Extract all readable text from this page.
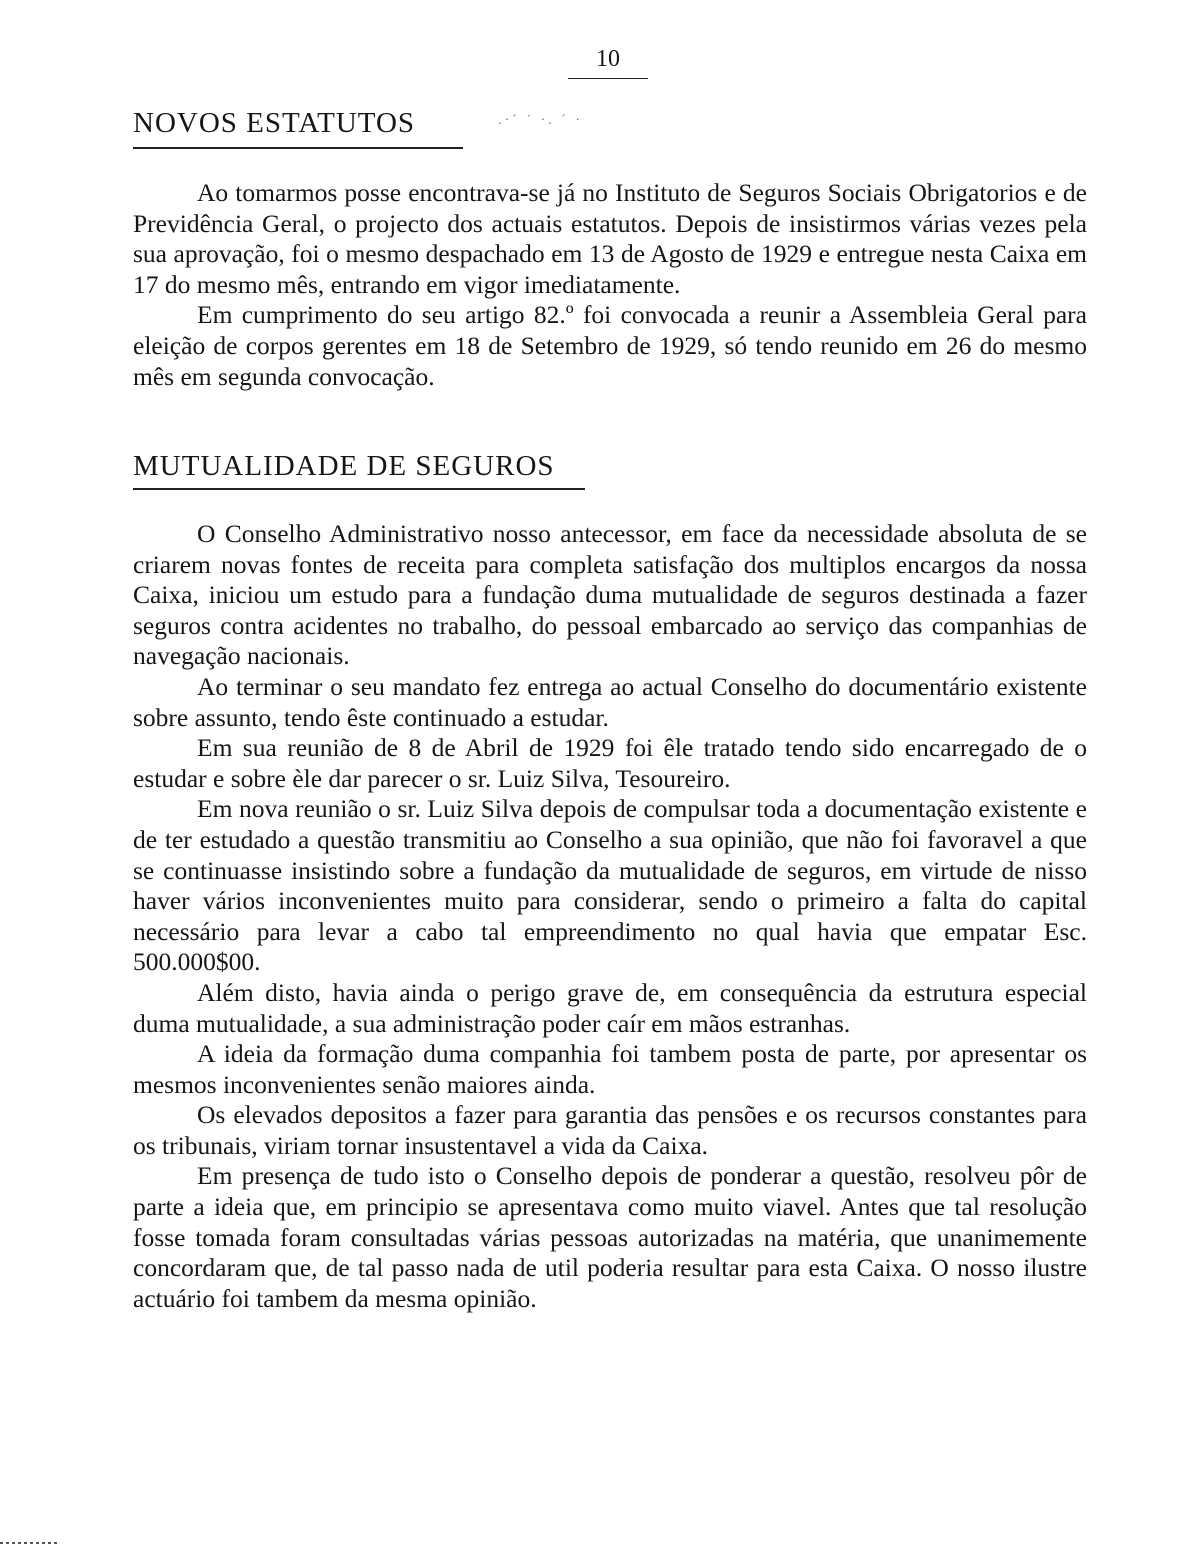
10
NOVOS ESTATUTOS	.·´ ˙ ·. ´ ·

Ao tomarmos posse encontrava-se já no Instituto de Seguros Sociais Obrigatorios e de Previdência Geral, o projecto dos actuais estatutos. Depois de insistirmos várias vezes pela sua aprovação, foi o mesmo despachado em 13 de Agosto de 1929 e entregue nesta Caixa em 17 do mesmo mês, entrando em vigor imediatamente.

Em cumprimento do seu artigo 82.º foi convocada a reunir a Assembleia Geral para eleição de corpos gerentes em 18 de Setembro de 1929, só tendo reunido em 26 do mesmo mês em segunda convocação.

MUTUALIDADE DE SEGUROS

O Conselho Administrativo nosso antecessor, em face da necessidade absoluta de se criarem novas fontes de receita para completa satisfação dos multiplos encargos da nossa Caixa, iniciou um estudo para a fundação duma mutualidade de seguros destinada a fazer seguros contra acidentes no trabalho, do pessoal embarcado ao serviço das companhias de navegação nacionais.

Ao terminar o seu mandato fez entrega ao actual Conselho do documentário existente sobre assunto, tendo êste continuado a estudar.

Em sua reunião de 8 de Abril de 1929 foi êle tratado tendo sido encarregado de o estudar e sobre èle dar parecer o sr. Luiz Silva, Tesoureiro.

Em nova reunião o sr. Luiz Silva depois de compulsar toda a documentação existente e de ter estudado a questão transmitiu ao Conselho a sua opinião, que não foi favoravel a que se continuasse insistindo sobre a fundação da mutualidade de seguros, em virtude de nisso haver vários inconvenientes muito para considerar, sendo o primeiro a falta do capital necessário para levar a cabo tal empreendimento no qual havia que empatar Esc. 500.000$00.

Além disto, havia ainda o perigo grave de, em consequência da estrutura especial duma mutualidade, a sua administração poder caír em mãos estranhas.

A ideia da formação duma companhia foi tambem posta de parte, por apresentar os mesmos inconvenientes senão maiores ainda.

Os elevados depositos a fazer para garantia das pensões e os recursos constantes para os tribunais, viriam tornar insustentavel a vida da Caixa.

Em presença de tudo isto o Conselho depois de ponderar a questão, resolveu pôr de parte a ideia que, em principio se apresentava como muito viavel. Antes que tal resolução fosse tomada foram consultadas várias pessoas autorizadas na matéria, que unanimemente concordaram que, de tal passo nada de util poderia resultar para esta Caixa. O nosso ilustre actuário foi tambem da mesma opinião.
